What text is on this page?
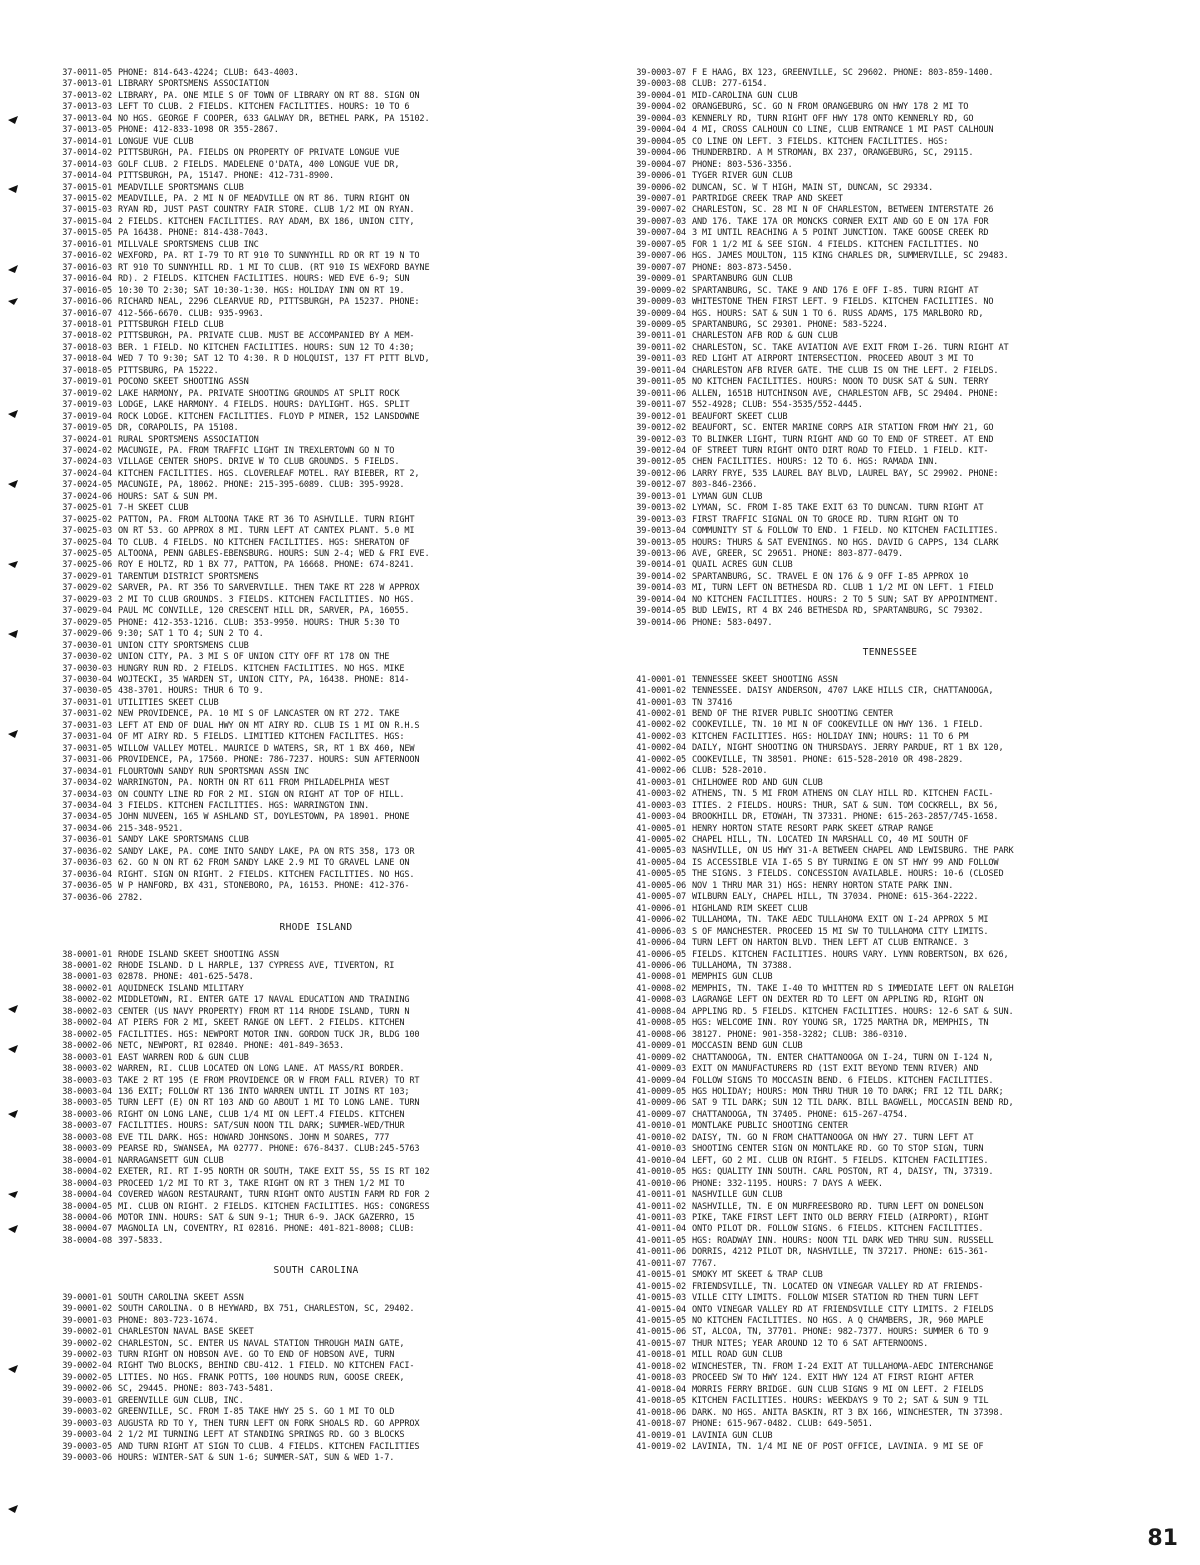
37-0011-05 PHONE: 814-643-4224; CLUB: 643-4003.
37-0013-01 LIBRARY SPORTSMENS ASSOCIATION
37-0013-02 LIBRARY, PA. ONE MILE S OF TOWN OF LIBRARY ON RT 88. SIGN ON
37-0013-03 LEFT TO CLUB. 2 FIELDS. KITCHEN FACILITIES. HOURS: 10 TO 6
37-0013-04 NO HGS. GEORGE F COOPER, 633 GALWAY DR, BETHEL PARK, PA 15102.
37-0013-05 PHONE: 412-833-1098 OR 355-2867.
37-0014-01 LONGUE VUE CLUB
37-0014-02 PITTSBURGH, PA. FIELDS ON PROPERTY OF PRIVATE LONGUE VUE
37-0014-03 GOLF CLUB. 2 FIELDS. MADELENE O'DATA, 400 LONGUE VUE DR,
37-0014-04 PITTSBURGH, PA, 15147. PHONE: 412-731-8900.
37-0015-01 MEADVILLE SPORTSMANS CLUB
37-0015-02 MEADVILLE, PA. 2 MI N OF MEADVILLE ON RT 86. TURN RIGHT ON
37-0015-03 RYAN RD, JUST PAST COUNTRY FAIR STORE. CLUB 1/2 MI ON RYAN.
37-0015-04 2 FIELDS. KITCHEN FACILITIES. RAY ADAM, BX 186, UNION CITY,
37-0015-05 PA 16438. PHONE: 814-438-7043.
37-0016-01 MILLVALE SPORTSMENS CLUB INC
37-0016-02 WEXFORD, PA. RT I-79 TO RT 910 TO SUNNYHILL RD OR RT 19 N TO
37-0016-03 RT 910 TO SUNNYHILL RD. 1 MI TO CLUB. (RT 910 IS WEXFORD BAYNE
37-0016-04 RD). 2 FIELDS. KITCHEN FACILITIES. HOURS: WED EVE 6-9; SUN
37-0016-05 10:30 TO 2:30; SAT 10:30-1:30. HGS: HOLIDAY INN ON RT 19.
37-0016-06 RICHARD NEAL, 2296 CLEARVUE RD, PITTSBURGH, PA 15237. PHONE:
37-0016-07 412-566-6670. CLUB: 935-9963.
37-0018-01 PITTSBURGH FIELD CLUB
37-0018-02 PITTSBURGH, PA. PRIVATE CLUB. MUST BE ACCOMPANIED BY A MEM-
37-0018-03 BER. 1 FIELD. NO KITCHEN FACILITIES. HOURS: SUN 12 TO 4:30;
37-0018-04 WED 7 TO 9:30; SAT 12 TO 4:30. R D HOLQUIST, 137 FT PITT BLVD,
37-0018-05 PITTSBURG, PA 15222.
37-0019-01 POCONO SKEET SHOOTING ASSN
37-0019-02 LAKE HARMONY, PA. PRIVATE SHOOTING GROUNDS AT SPLIT ROCK
37-0019-03 LODGE, LAKE HARMONY. 4 FIELDS. HOURS: DAYLIGHT. HGS. SPLIT
37-0019-04 ROCK LODGE. KITCHEN FACILITIES. FLOYD P MINER, 152 LANSDOWNE
37-0019-05 DR, CORAPOLIS, PA 15108.
37-0024-01 RURAL SPORTSMENS ASSOCIATION
37-0024-02 MACUNGIE, PA. FROM TRAFFIC LIGHT IN TREXLERTOWN GO N TO
37-0024-03 VILLAGE CENTER SHOPS. DRIVE W TO CLUB GROUNDS. 5 FIELDS.
37-0024-04 KITCHEN FACILITIES. HGS. CLOVERLEAF MOTEL. RAY BIEBER, RT 2,
37-0024-05 MACUNGIE, PA, 18062. PHONE: 215-395-6089. CLUB: 395-9928.
37-0024-06 HOURS: SAT & SUN PM.
37-0025-01 7-H SKEET CLUB
37-0025-02 PATTON, PA. FROM ALTOONA TAKE RT 36 TO ASHVILLE. TURN RIGHT
37-0025-03 ON RT 53. GO APPROX 8 MI. TURN LEFT AT CANTEX PLANT. 5.0 MI
37-0025-04 TO CLUB. 4 FIELDS. NO KITCHEN FACILITIES. HGS: SHERATON OF
37-0025-05 ALTOONA, PENN GABLES-EBENSBURG. HOURS: SUN 2-4; WED & FRI EVE.
37-0025-06 ROY E HOLTZ, RD 1 BX 77, PATTON, PA 16668. PHONE: 674-8241.
37-0029-01 TARENTUM DISTRICT SPORTSMENS
37-0029-02 SARVER, PA. RT 356 TO SARVERVILLE. THEN TAKE RT 228 W APPROX
37-0029-03 2 MI TO CLUB GROUNDS. 3 FIELDS. KITCHEN FACILITIES. NO HGS.
37-0029-04 PAUL MC CONVILLE, 120 CRESCENT HILL DR, SARVER, PA, 16055.
37-0029-05 PHONE: 412-353-1216. CLUB: 353-9950. HOURS: THUR 5:30 TO
37-0029-06 9:30; SAT 1 TO 4; SUN 2 TO 4.
37-0030-01 UNION CITY SPORTSMENS CLUB
37-0030-02 UNION CITY, PA. 3 MI S OF UNION CITY OFF RT 178 ON THE
37-0030-03 HUNGRY RUN RD. 2 FIELDS. KITCHEN FACILITIES. NO HGS. MIKE
37-0030-04 WOJTECKI, 35 WARDEN ST, UNION CITY, PA, 16438. PHONE: 814-
37-0030-05 438-3701. HOURS: THUR 6 TO 9.
37-0031-01 UTILITIES SKEET CLUB
37-0031-02 NEW PROVIDENCE, PA. 10 MI S OF LANCASTER ON RT 272. TAKE
37-0031-03 LEFT AT END OF DUAL HWY ON MT AIRY RD. CLUB IS 1 MI ON R.H.S
37-0031-04 OF MT AIRY RD. 5 FIELDS. LIMITIED KITCHEN FACILITES. HGS:
37-0031-05 WILLOW VALLEY MOTEL. MAURICE D WATERS, SR, RT 1 BX 460, NEW
37-0031-06 PROVIDENCE, PA, 17560. PHONE: 786-7237. HOURS: SUN AFTERNOON
37-0034-01 FLOURTOWN SANDY RUN SPORTSMAN ASSN INC
37-0034-02 WARRINGTON, PA. NORTH ON RT 611 FROM PHILADELPHIA WEST
37-0034-03 ON COUNTY LINE RD FOR 2 MI. SIGN ON RIGHT AT TOP OF HILL.
37-0034-04 3 FIELDS. KITCHEN FACILITIES. HGS: WARRINGTON INN.
37-0034-05 JOHN NUVEEN, 165 W ASHLAND ST, DOYLESTOWN, PA 18901. PHONE
37-0034-06 215-348-9521.
37-0036-01 SANDY LAKE SPORTSMANS CLUB
37-0036-02 SANDY LAKE, PA. COME INTO SANDY LAKE, PA ON RTS 358, 173 OR
37-0036-03 62. GO N ON RT 62 FROM SANDY LAKE 2.9 MI TO GRAVEL LANE ON
37-0036-04 RIGHT. SIGN ON RIGHT. 2 FIELDS. KITCHEN FACILITIES. NO HGS.
37-0036-05 W P HANFORD, BX 431, STONEBORO, PA, 16153. PHONE: 412-376-
37-0036-06 2782.
RHODE ISLAND
38-0001-01 RHODE ISLAND SKEET SHOOTING ASSN
38-0001-02 RHODE ISLAND. D L HARPLE, 137 CYPRESS AVE, TIVERTON, RI
38-0001-03 02878. PHONE: 401-625-5478.
38-0002-01 AQUIDNECK ISLAND MILITARY
38-0002-02 MIDDLETOWN, RI. ENTER GATE 17 NAVAL EDUCATION AND TRAINING
38-0002-03 CENTER (US NAVY PROPERTY) FROM RT 114 RHODE ISLAND, TURN N
38-0002-04 AT PIERS FOR 2 MI, SKEET RANGE ON LEFT. 2 FIELDS. KITCHEN
38-0002-05 FACILITIES. HGS: NEWPORT MOTOR INN. GORDON TUCK JR, BLDG 100
38-0002-06 NETC, NEWPORT, RI 02840. PHONE: 401-849-3653.
38-0003-01 EAST WARREN ROD & GUN CLUB
38-0003-02 WARREN, RI. CLUB LOCATED ON LONG LANE. AT MASS/RI BORDER.
38-0003-03 TAKE 2 RT 195 (E FROM PROVIDENCE OR W FROM FALL RIVER) TO RT
38-0003-04 136 EXIT; FOLLOW RT 136 INTO WARREN UNTIL IT JOINS RT 103;
38-0003-05 TURN LEFT (E) ON RT 103 AND GO ABOUT 1 MI TO LONG LANE. TURN
38-0003-06 RIGHT ON LONG LANE, CLUB 1/4 MI ON LEFT.4 FIELDS. KITCHEN
38-0003-07 FACILITIES. HOURS: SAT/SUN NOON TIL DARK; SUMMER-WED/THUR
38-0003-08 EVE TIL DARK. HGS: HOWARD JOHNSONS. JOHN M SOARES, 777
38-0003-09 PEARSE RD, SWANSEA, MA 02777. PHONE: 676-8437. CLUB:245-5763
38-0004-01 NARRAGANSETT GUN CLUB
38-0004-02 EXETER, RI. RT I-95 NORTH OR SOUTH, TAKE EXIT 5S, 5S IS RT 102
38-0004-03 PROCEED 1/2 MI TO RT 3, TAKE RIGHT ON RT 3 THEN 1/2 MI TO
38-0004-04 COVERED WAGON RESTAURANT, TURN RIGHT ONTO AUSTIN FARM RD FOR 2
38-0004-05 MI. CLUB ON RIGHT. 2 FIELDS. KITCHEN FACILITIES. HGS: CONGRESS
38-0004-06 MOTOR INN. HOURS: SAT & SUN 9-1; THUR 6-9. JACK GAZERRO, 15
38-0004-07 MAGNOLIA LN, COVENTRY, RI 02816. PHONE: 401-821-8008; CLUB:
38-0004-08 397-5833.
SOUTH CAROLINA
39-0001-01 SOUTH CAROLINA SKEET ASSN
39-0001-02 SOUTH CAROLINA. O B HEYWARD, BX 751, CHARLESTON, SC, 29402.
39-0001-03 PHONE: 803-723-1674.
39-0002-01 CHARLESTON NAVAL BASE SKEET
39-0002-02 CHARLESTON, SC. ENTER US NAVAL STATION THROUGH MAIN GATE,
39-0002-03 TURN RIGHT ON HOBSON AVE. GO TO END OF HOBSON AVE, TURN
39-0002-04 RIGHT TWO BLOCKS, BEHIND CBU-412. 1 FIELD. NO KITCHEN FACI-
39-0002-05 LITIES. NO HGS. FRANK POTTS, 100 HOUNDS RUN, GOOSE CREEK,
39-0002-06 SC, 29445. PHONE: 803-743-5481.
39-0003-01 GREENVILLE GUN CLUB, INC.
39-0003-02 GREENVILLE, SC. FROM I-85 TAKE HWY 25 S. GO 1 MI TO OLD
39-0003-03 AUGUSTA RD TO Y, THEN TURN LEFT ON FORK SHOALS RD. GO APPROX
39-0003-04 2 1/2 MI TURNING LEFT AT STANDING SPRINGS RD. GO 3 BLOCKS
39-0003-05 AND TURN RIGHT AT SIGN TO CLUB. 4 FIELDS. KITCHEN FACILITIES
39-0003-06 HOURS: WINTER-SAT & SUN 1-6; SUMMER-SAT, SUN & WED 1-7.
39-0003-07 F E HAAG, BX 123, GREENVILLE, SC 29602. PHONE: 803-859-1400.
39-0003-08 CLUB: 277-6154.
39-0004-01 MID-CAROLINA GUN CLUB
39-0004-02 ORANGEBURG, SC. GO N FROM ORANGEBURG ON HWY 178 2 MI TO
39-0004-03 KENNERLY RD, TURN RIGHT OFF HWY 178 ONTO KENNERLY RD, GO
39-0004-04 4 MI, CROSS CALHOUN CO LINE, CLUB ENTRANCE 1 MI PAST CALHOUN
39-0004-05 CO LINE ON LEFT. 3 FIELDS. KITCHEN FACILITIES. HGS:
39-0004-06 THUNDERBIRD. A M STROMAN, BX 237, ORANGEBURG, SC, 29115.
39-0004-07 PHONE: 803-536-3356.
39-0006-01 TYGER RIVER GUN CLUB
39-0006-02 DUNCAN, SC. W T HIGH, MAIN ST, DUNCAN, SC 29334.
39-0007-01 PARTRIDGE CREEK TRAP AND SKEET
39-0007-02 CHARLESTON, SC. 28 MI N OF CHARLESTON, BETWEEN INTERSTATE 26
39-0007-03 AND 176. TAKE 17A OR MONCKS CORNER EXIT AND GO E ON 17A FOR
39-0007-04 3 MI UNTIL REACHING A 5 POINT JUNCTION. TAKE GOOSE CREEK RD
39-0007-05 FOR 1 1/2 MI & SEE SIGN. 4 FIELDS. KITCHEN FACILITIES. NO
39-0007-06 HGS. JAMES MOULTON, 115 KING CHARLES DR, SUMMERVILLE, SC 29483.
39-0007-07 PHONE: 803-873-5450.
39-0009-01 SPARTANBURG GUN CLUB
39-0009-02 SPARTANBURG, SC. TAKE 9 AND 176 E OFF I-85. TURN RIGHT AT
39-0009-03 WHITESTONE THEN FIRST LEFT. 9 FIELDS. KITCHEN FACILITIES. NO
39-0009-04 HGS. HOURS: SAT & SUN 1 TO 6. RUSS ADAMS, 175 MARLBORO RD,
39-0009-05 SPARTANBURG, SC 29301. PHONE: 583-5224.
39-0011-01 CHARLESTON AFB ROD & GUN CLUB
39-0011-02 CHARLESTON, SC. TAKE AVIATION AVE EXIT FROM I-26. TURN RIGHT AT
39-0011-03 RED LIGHT AT AIRPORT INTERSECTION. PROCEED ABOUT 3 MI TO
39-0011-04 CHARLESTON AFB RIVER GATE. THE CLUB IS ON THE LEFT. 2 FIELDS.
39-0011-05 NO KITCHEN FACILITIES. HOURS: NOON TO DUSK SAT & SUN. TERRY
39-0011-06 ALLEN, 1651B HUTCHINSON AVE, CHARLESTON AFB, SC 29404. PHONE:
39-0011-07 552-4928; CLUB: 554-3535/552-4445.
39-0012-01 BEAUFORT SKEET CLUB
39-0012-02 BEAUFORT, SC. ENTER MARINE CORPS AIR STATION FROM HWY 21, GO
39-0012-03 TO BLINKER LIGHT, TURN RIGHT AND GO TO END OF STREET. AT END
39-0012-04 OF STREET TURN RIGHT ONTO DIRT ROAD TO FIELD. 1 FIELD. KIT-
39-0012-05 CHEN FACILITIES. HOURS: 12 TO 6. HGS: RAMADA INN.
39-0012-06 LARRY FRYE, 535 LAUREL BAY BLVD, LAUREL BAY, SC 29902. PHONE:
39-0012-07 803-846-2366.
39-0013-01 LYMAN GUN CLUB
39-0013-02 LYMAN, SC. FROM I-85 TAKE EXIT 63 TO DUNCAN. TURN RIGHT AT
39-0013-03 FIRST TRAFFIC SIGNAL ON TO GROCE RD. TURN RIGHT ON TO
39-0013-04 COMMUNITY ST & FOLLOW TO END. 1 FIELD. NO KITCHEN FACILITIES.
39-0013-05 HOURS: THURS & SAT EVENINGS. NO HGS. DAVID G CAPPS, 134 CLARK
39-0013-06 AVE, GREER, SC 29651. PHONE: 803-877-0479.
39-0014-01 QUAIL ACRES GUN CLUB
39-0014-02 SPARTANBURG, SC. TRAVEL E ON 176 & 9 OFF I-85 APPROX 10
39-0014-03 MI, TURN LEFT ON BETHESDA RD. CLUB 1 1/2 MI ON LEFT. 1 FIELD
39-0014-04 NO KITCHEN FACILITIES. HOURS: 2 TO 5 SUN; SAT BY APPOINTMENT.
39-0014-05 BUD LEWIS, RT 4 BX 246 BETHESDA RD, SPARTANBURG, SC 79302.
39-0014-06 PHONE: 583-0497.
TENNESSEE
41-0001-01 TENNESSEE SKEET SHOOTING ASSN
41-0001-02 TENNESSEE. DAISY ANDERSON, 4707 LAKE HILLS CIR, CHATTANOOGA,
41-0001-03 TN 37416
41-0002-01 BEND OF THE RIVER PUBLIC SHOOTING CENTER
41-0002-02 COOKEVILLE, TN. 10 MI N OF COOKEVILLE ON HWY 136. 1 FIELD.
41-0002-03 KITCHEN FACILITIES. HGS: HOLIDAY INN; HOURS: 11 TO 6 PM
41-0002-04 DAILY, NIGHT SHOOTING ON THURSDAYS. JERRY PARDUE, RT 1 BX 120,
41-0002-05 COOKEVILLE, TN 38501. PHONE: 615-528-2010 OR 498-2829.
41-0002-06 CLUB: 528-2010.
41-0003-01 CHILHOWEE ROD AND GUN CLUB
41-0003-02 ATHENS, TN. 5 MI FROM ATHENS ON CLAY HILL RD. KITCHEN FACIL-
41-0003-03 ITIES. 2 FIELDS. HOURS: THUR, SAT & SUN. TOM COCKRELL, BX 56,
41-0003-04 BROOKHILL DR, ETOWAH, TN 37331. PHONE: 615-263-2857/745-1658.
41-0005-01 HENRY HORTON STATE RESORT PARK SKEET &TRAP RANGE
41-0005-02 CHAPEL HILL, TN. LOCATED IN MARSHALL CO, 40 MI SOUTH OF
41-0005-03 NASHVILLE, ON US HWY 31-A BETWEEN CHAPEL AND LEWISBURG. THE PARK
41-0005-04 IS ACCESSIBLE VIA I-65 S BY TURNING E ON ST HWY 99 AND FOLLOW
41-0005-05 THE SIGNS. 3 FIELDS. CONCESSION AVAILABLE. HOURS: 10-6 (CLOSED
41-0005-06 NOV 1 THRU MAR 31) HGS: HENRY HORTON STATE PARK INN.
41-0005-07 WILBURN EALY, CHAPEL HILL, TN 37034. PHONE: 615-364-2222.
41-0006-01 HIGHLAND RIM SKEET CLUB
41-0006-02 TULLAHOMA, TN. TAKE AEDC TULLAHOMA EXIT ON I-24 APPROX 5 MI
41-0006-03 S OF MANCHESTER. PROCEED 15 MI SW TO TULLAHOMA CITY LIMITS.
41-0006-04 TURN LEFT ON HARTON BLVD. THEN LEFT AT CLUB ENTRANCE. 3
41-0006-05 FIELDS. KITCHEN FACILITIES. HOURS VARY. LYNN ROBERTSON, BX 626,
41-0006-06 TULLAHOMA, TN 37388.
41-0008-01 MEMPHIS GUN CLUB
41-0008-02 MEMPHIS, TN. TAKE I-40 TO WHITTEN RD S IMMEDIATE LEFT ON RALEIGH
41-0008-03 LAGRANGE LEFT ON DEXTER RD TO LEFT ON APPLING RD, RIGHT ON
41-0008-04 APPLING RD. 5 FIELDS. KITCHEN FACILITIES. HOURS: 12-6 SAT & SUN.
41-0008-05 HGS: WELCOME INN. ROY YOUNG SR, 1725 MARTHA DR, MEMPHIS, TN
41-0008-06 38127. PHONE: 901-358-3282; CLUB: 386-0310.
41-0009-01 MOCCASIN BEND GUN CLUB
41-0009-02 CHATTANOOGA, TN. ENTER CHATTANOOGA ON I-24, TURN ON I-124 N,
41-0009-03 EXIT ON MANUFACTURERS RD (1ST EXIT BEYOND TENN RIVER) AND
41-0009-04 FOLLOW SIGNS TO MOCCASIN BEND. 6 FIELDS. KITCHEN FACILITIES.
41-0009-05 HGS HOLIDAY; HOURS: MON THRU THUR 10 TO DARK; FRI 12 TIL DARK;
41-0009-06 SAT 9 TIL DARK; SUN 12 TIL DARK. BILL BAGWELL, MOCCASIN BEND RD,
41-0009-07 CHATTANOOGA, TN 37405. PHONE: 615-267-4754.
41-0010-01 MONTLAKE PUBLIC SHOOTING CENTER
41-0010-02 DAISY, TN. GO N FROM CHATTANOOGA ON HWY 27. TURN LEFT AT
41-0010-03 SHOOTING CENTER SIGN ON MONTLAKE RD. GO TO STOP SIGN, TURN
41-0010-04 LEFT, GO 2 MI. CLUB ON RIGHT. 5 FIELDS. KITCHEN FACILITIES.
41-0010-05 HGS: QUALITY INN SOUTH. CARL POSTON, RT 4, DAISY, TN, 37319.
41-0010-06 PHONE: 332-1195. HOURS: 7 DAYS A WEEK.
41-0011-01 NASHVILLE GUN CLUB
41-0011-02 NASHVILLE, TN. E ON MURFREESBORO RD. TURN LEFT ON DONELSON
41-0011-03 PIKE, TAKE FIRST LEFT INTO OLD BERRY FIELD (AIRPORT), RIGHT
41-0011-04 ONTO PILOT DR. FOLLOW SIGNS. 6 FIELDS. KITCHEN FACILITIES.
41-0011-05 HGS: ROADWAY INN. HOURS: NOON TIL DARK WED THRU SUN. RUSSELL
41-0011-06 DORRIS, 4212 PILOT DR, NASHVILLE, TN 37217. PHONE: 615-361-
41-0011-07 7767.
41-0015-01 SMOKY MT SKEET & TRAP CLUB
41-0015-02 FRIENDSVILLE, TN. LOCATED ON VINEGAR VALLEY RD AT FRIENDS-
41-0015-03 VILLE CITY LIMITS. FOLLOW MISER STATION RD THEN TURN LEFT
41-0015-04 ONTO VINEGAR VALLEY RD AT FRIENDSVILLE CITY LIMITS. 2 FIELDS
41-0015-05 NO KITCHEN FACILITIES. NO HGS. A Q CHAMBERS, JR, 960 MAPLE
41-0015-06 ST, ALCOA, TN, 37701. PHONE: 982-7377. HOURS: SUMMER 6 TO 9
41-0015-07 THUR NITES; YEAR AROUND 12 TO 6 SAT AFTERNOONS.
41-0018-01 MILL ROAD GUN CLUB
41-0018-02 WINCHESTER, TN. FROM I-24 EXIT AT TULLAHOMA-AEDC INTERCHANGE
41-0018-03 PROCEED SW TO HWY 124. EXIT HWY 124 AT FIRST RIGHT AFTER
41-0018-04 MORRIS FERRY BRIDGE. GUN CLUB SIGNS 9 MI ON LEFT. 2 FIELDS
41-0018-05 KITCHEN FACILITIES. HOURS: WEEKDAYS 9 TO 2; SAT & SUN 9 TIL
41-0018-06 DARK. NO HGS. ANITA BASKIN, RT 3 BX 166, WINCHESTER, TN 37398.
41-0018-07 PHONE: 615-967-0482. CLUB: 649-5051.
41-0019-01 LAVINIA GUN CLUB
41-0019-02 LAVINIA, TN. 1/4 MI NE OF POST OFFICE, LAVINIA. 9 MI SE OF
81
